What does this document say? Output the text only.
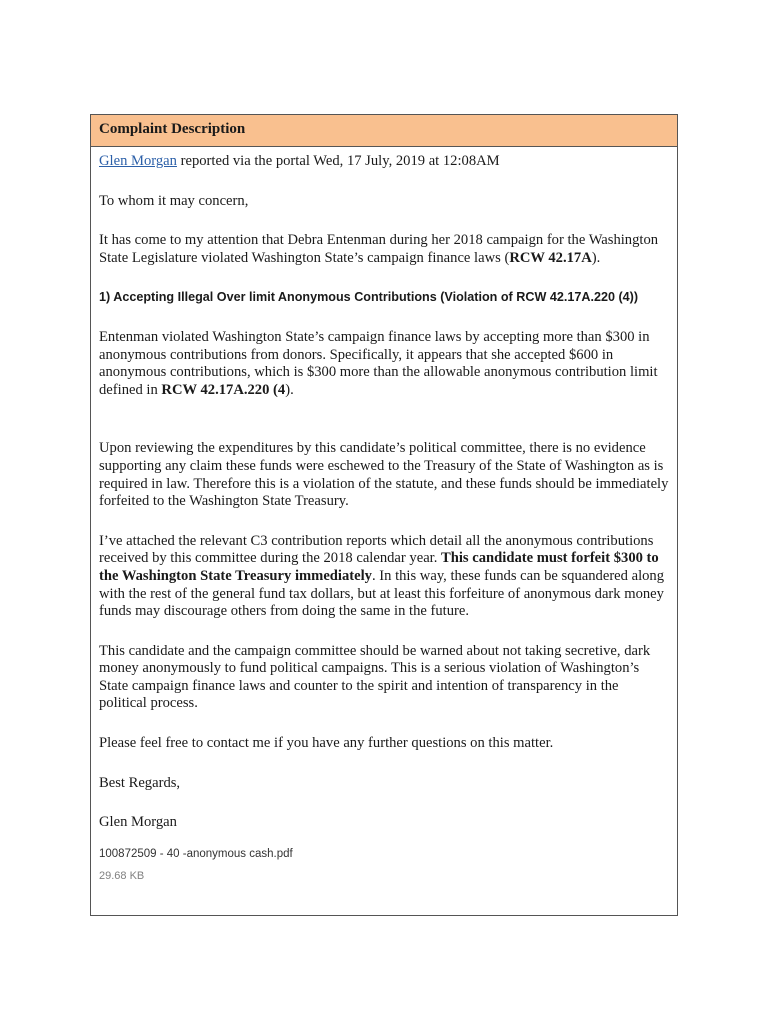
Complaint Description

Glen Morgan reported via the portal Wed, 17 July, 2019 at 12:08AM

To whom it may concern,

It has come to my attention that Debra Entenman during her 2018 campaign for the Washington State Legislature violated Washington State’s campaign finance laws (RCW 42.17A).

1) Accepting Illegal Over limit Anonymous Contributions (Violation of RCW 42.17A.220 (4))

Entenman violated Washington State’s campaign finance laws by accepting more than $300 in anonymous contributions from donors. Specifically, it appears that she accepted $600 in anonymous contributions, which is $300 more than the allowable anonymous contribution limit defined in RCW 42.17A.220 (4).

Upon reviewing the expenditures by this candidate’s political committee, there is no evidence supporting any claim these funds were eschewed to the Treasury of the State of Washington as is required in law. Therefore this is a violation of the statute, and these funds should be immediately forfeited to the Washington State Treasury.

I’ve attached the relevant C3 contribution reports which detail all the anonymous contributions received by this committee during the 2018 calendar year. This candidate must forfeit $300 to the Washington State Treasury immediately. In this way, these funds can be squandered along with the rest of the general fund tax dollars, but at least this forfeiture of anonymous dark money funds may discourage others from doing the same in the future.

This candidate and the campaign committee should be warned about not taking secretive, dark money anonymously to fund political campaigns. This is a serious violation of Washington’s State campaign finance laws and counter to the spirit and intention of transparency in the political process.

Please feel free to contact me if you have any further questions on this matter.

Best Regards,

Glen Morgan

100872509 - 40 -anonymous cash.pdf

29.68 KB
